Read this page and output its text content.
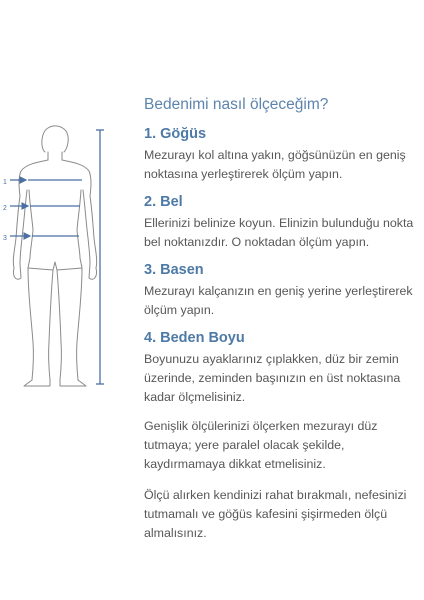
1
2
3
Bedenimi nasıl ölçeceğim?
1. Göğüs

Mezurayı kol altına yakın, göğsünüzün en geniş noktasına yerleştirerek ölçüm yapın.

2. Bel

Ellerinizi belinize koyun. Elinizin bulunduğu nokta bel noktanızdır. O noktadan ölçüm yapın.

3. Basen

Mezurayı kalçanızın en geniş yerine yerleştirerek ölçüm yapın.

4. Beden Boyu

Boyunuzu ayaklarınız çıplakken, düz bir zemin üzerinde, zeminden başınızın en üst noktasına kadar ölçmelisiniz.

Genişlik ölçülerinizi ölçerken mezurayı düz tutmaya; yere paralel olacak şekilde, kaydırmamaya dikkat etmelisiniz.

Ölçü alırken kendinizi rahat bırakmalı, nefesinizi tutmamalı ve göğüs kafesini şişirmeden ölçü almalısınız.
